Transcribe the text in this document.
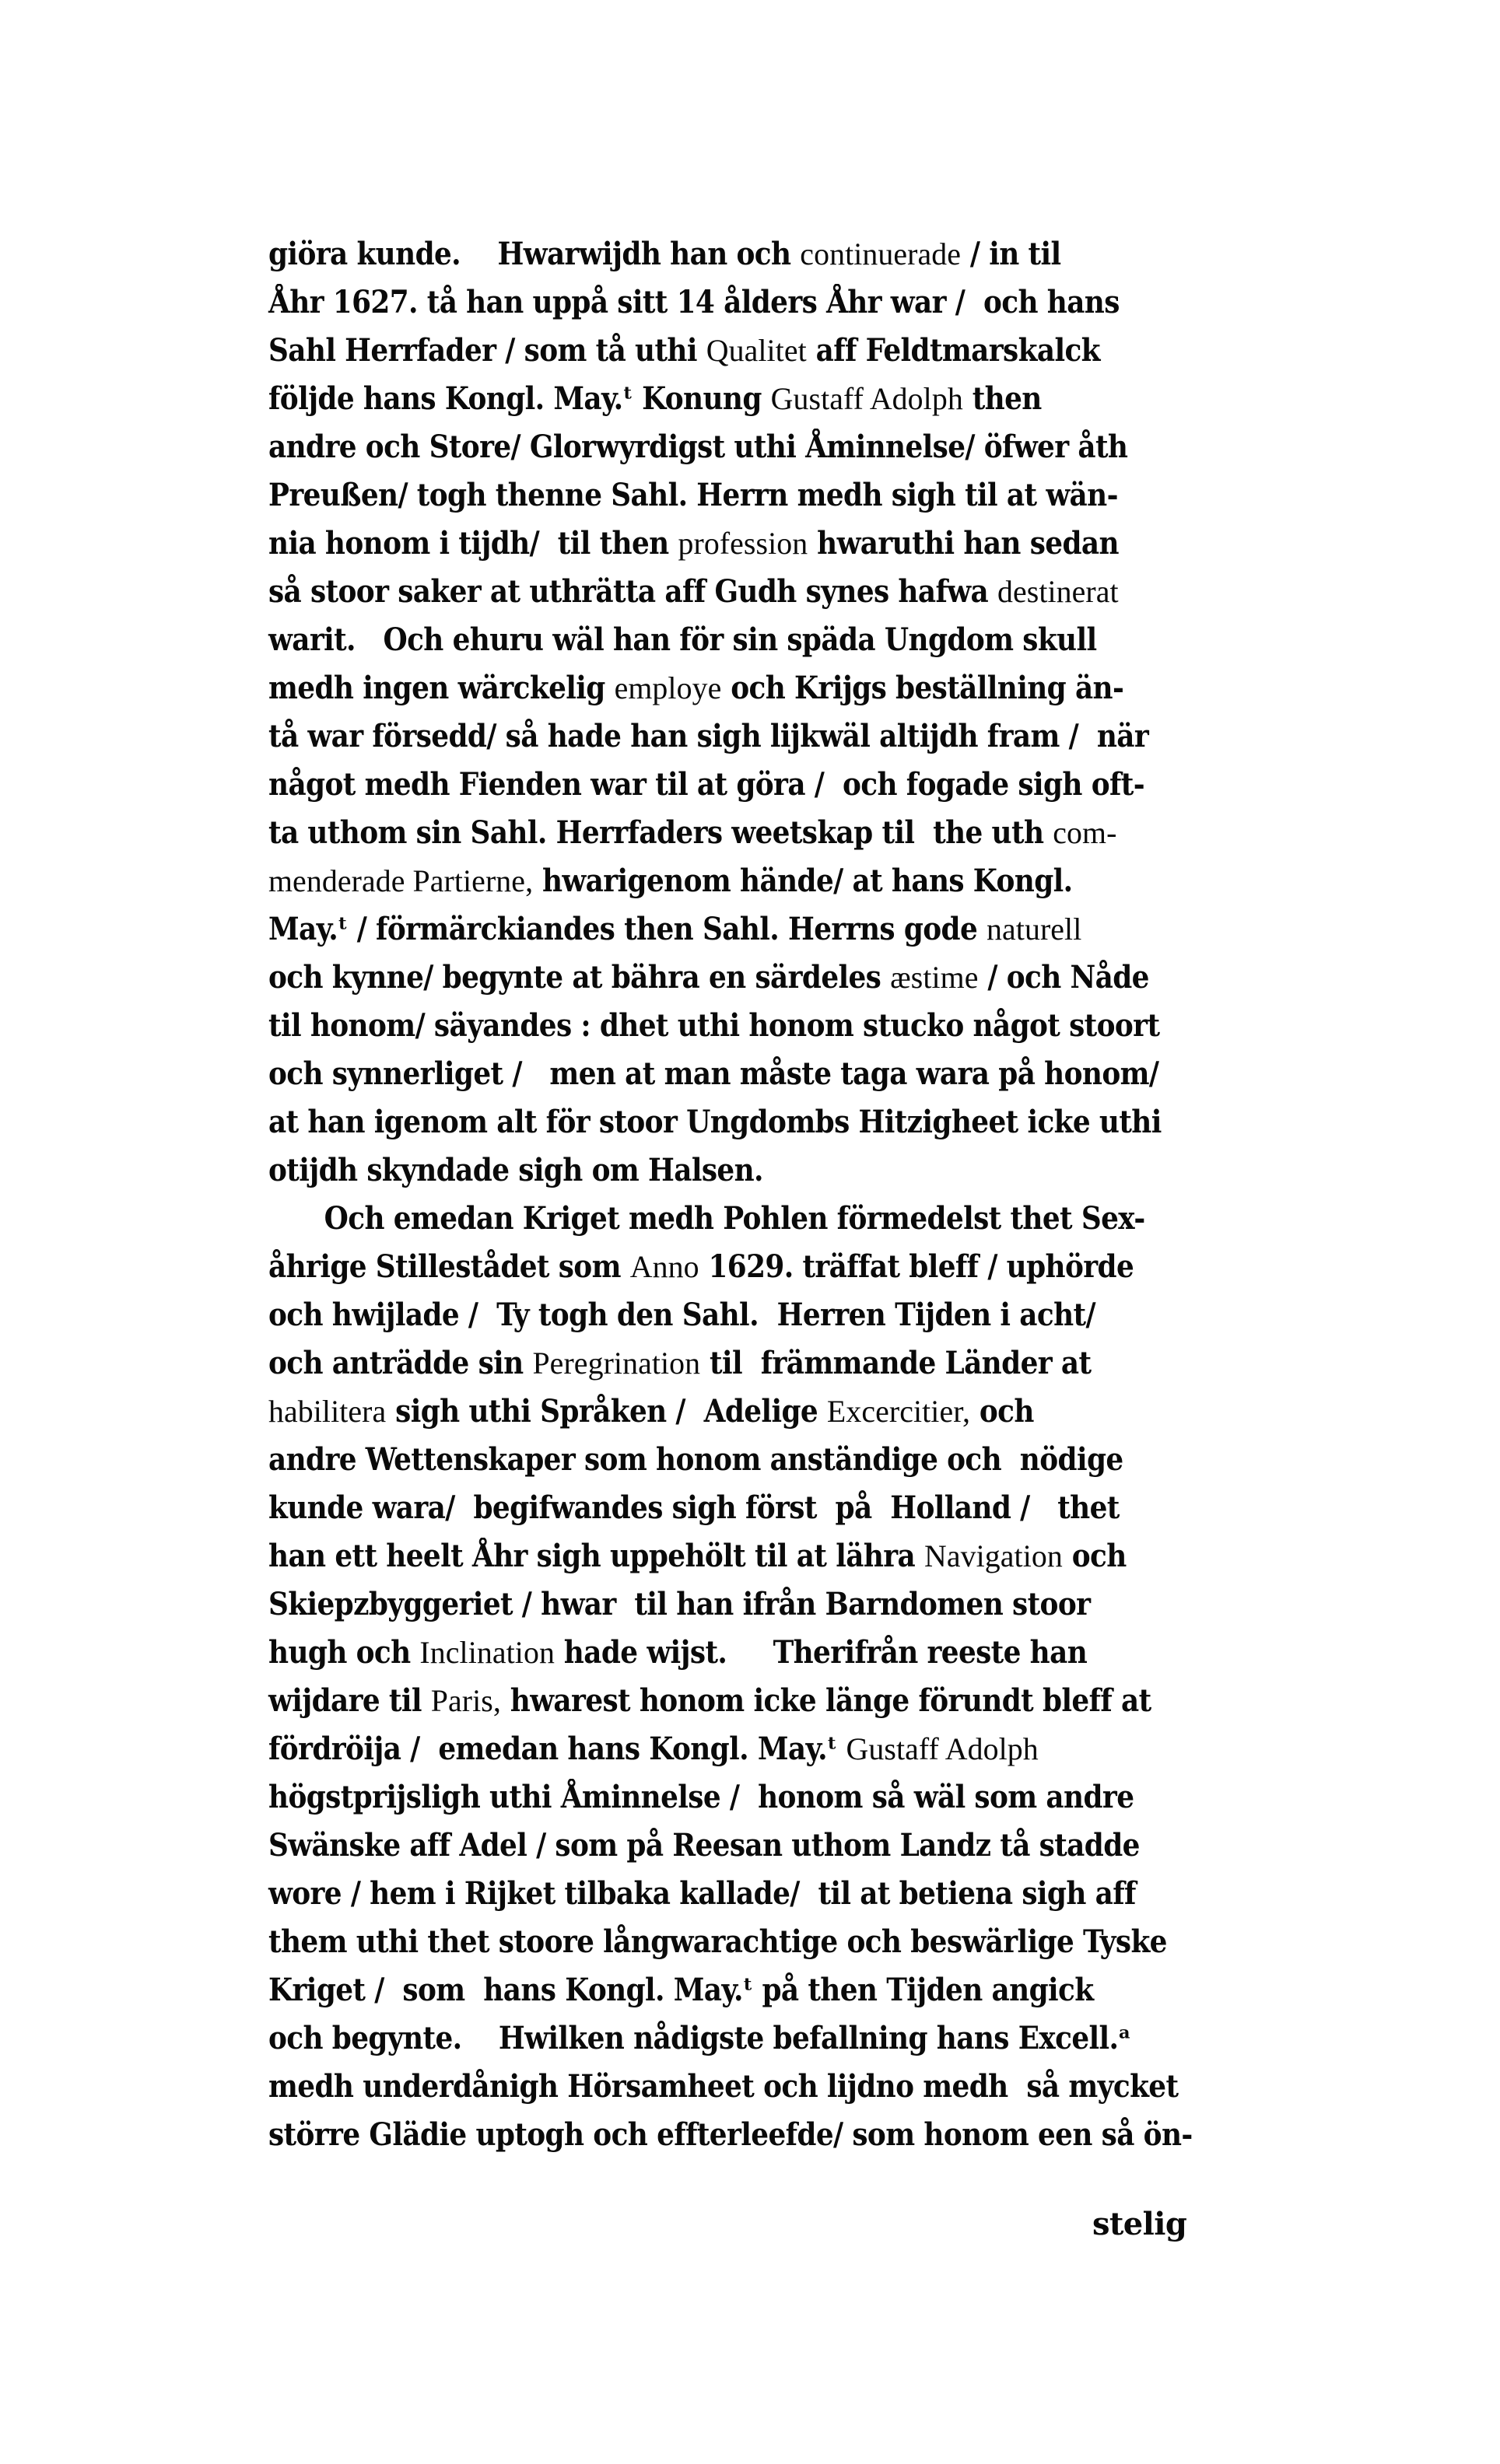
giöra kunde.    Hwarwijdh han och continuerade / in til
Åhr 1627. tå han uppå sitt 14 ålders Åhr war /  och hans
Sahl Herrfader / som tå uthi Qualitet aff Feldtmarskalck
följde hans Kongl. May.ᵗ Konung Gustaff Adolph then
andre och Store/ Glorwyrdigst uthi Åminnelse/ öfwer åth
Preußen/ togh thenne Sahl. Herrn medh sigh til at wän-
nia honom i tijdh/  til then profession hwaruthi han sedan
så stoor saker at uthrätta aff Gudh synes hafwa destinerat
warit.   Och ehuru wäl han för sin späda Ungdom skull
medh ingen wärckelig employe och Krijgs beställning än-
tå war försedd/ så hade han sigh lijkwäl altijdh fram /  när
något medh Fienden war til at göra /  och fogade sigh oft-
ta uthom sin Sahl. Herrfaders weetskap til  the uth com-
menderade Partierne, hwarigenom hände/ at hans Kongl.
May.ᵗ / förmärckiandes then Sahl. Herrns gode naturell
och kynne/ begynte at bähra en särdeles æstime / och Nåde
til honom/ säyandes : dhet uthi honom stucko något stoort
och synnerliget /   men at man måste taga wara på honom/
at han igenom alt för stoor Ungdombs Hitzigheet icke uthi
otijdh skyndade sigh om Halsen.
Och emedan Kriget medh Pohlen förmedelst thet Sex-
åhrige Stillestådet som Anno 1629. träffat bleff / uphörde
och hwijlade /  Ty togh den Sahl.  Herren Tijden i acht/
och anträdde sin Peregrination til  främmande Länder at
habilitera sigh uthi Språken /  Adelige Excercitier, och
andre Wettenskaper som honom anständige och  nödige
kunde wara/  begifwandes sigh först  på  Holland /   thet
han ett heelt Åhr sigh uppehölt til at lähra Navigation och
Skiepzbyggeriet / hwar  til han ifrån Barndomen stoor
hugh och Inclination hade wijst.     Therifrån reeste han
wijdare til Paris, hwarest honom icke länge förundt bleff at
fördröija /  emedan hans Kongl. May.ᵗ Gustaff Adolph
högstprijsligh uthi Åminnelse /  honom så wäl som andre
Swänske aff Adel / som på Reesan uthom Landz tå stadde
wore / hem i Rijket tilbaka kallade/  til at betiena sigh aff
them uthi thet stoore långwarachtige och beswärlige Tyske
Kriget /  som  hans Kongl. May.ᵗ på then Tijden angick
och begynte.    Hwilken nådigste befallning hans Excell.ᵃ
medh underdånigh Hörsamheet och lijdno medh  så mycket
större Glädie uptogh och effterleefde/ som honom een så ön-
stelig
